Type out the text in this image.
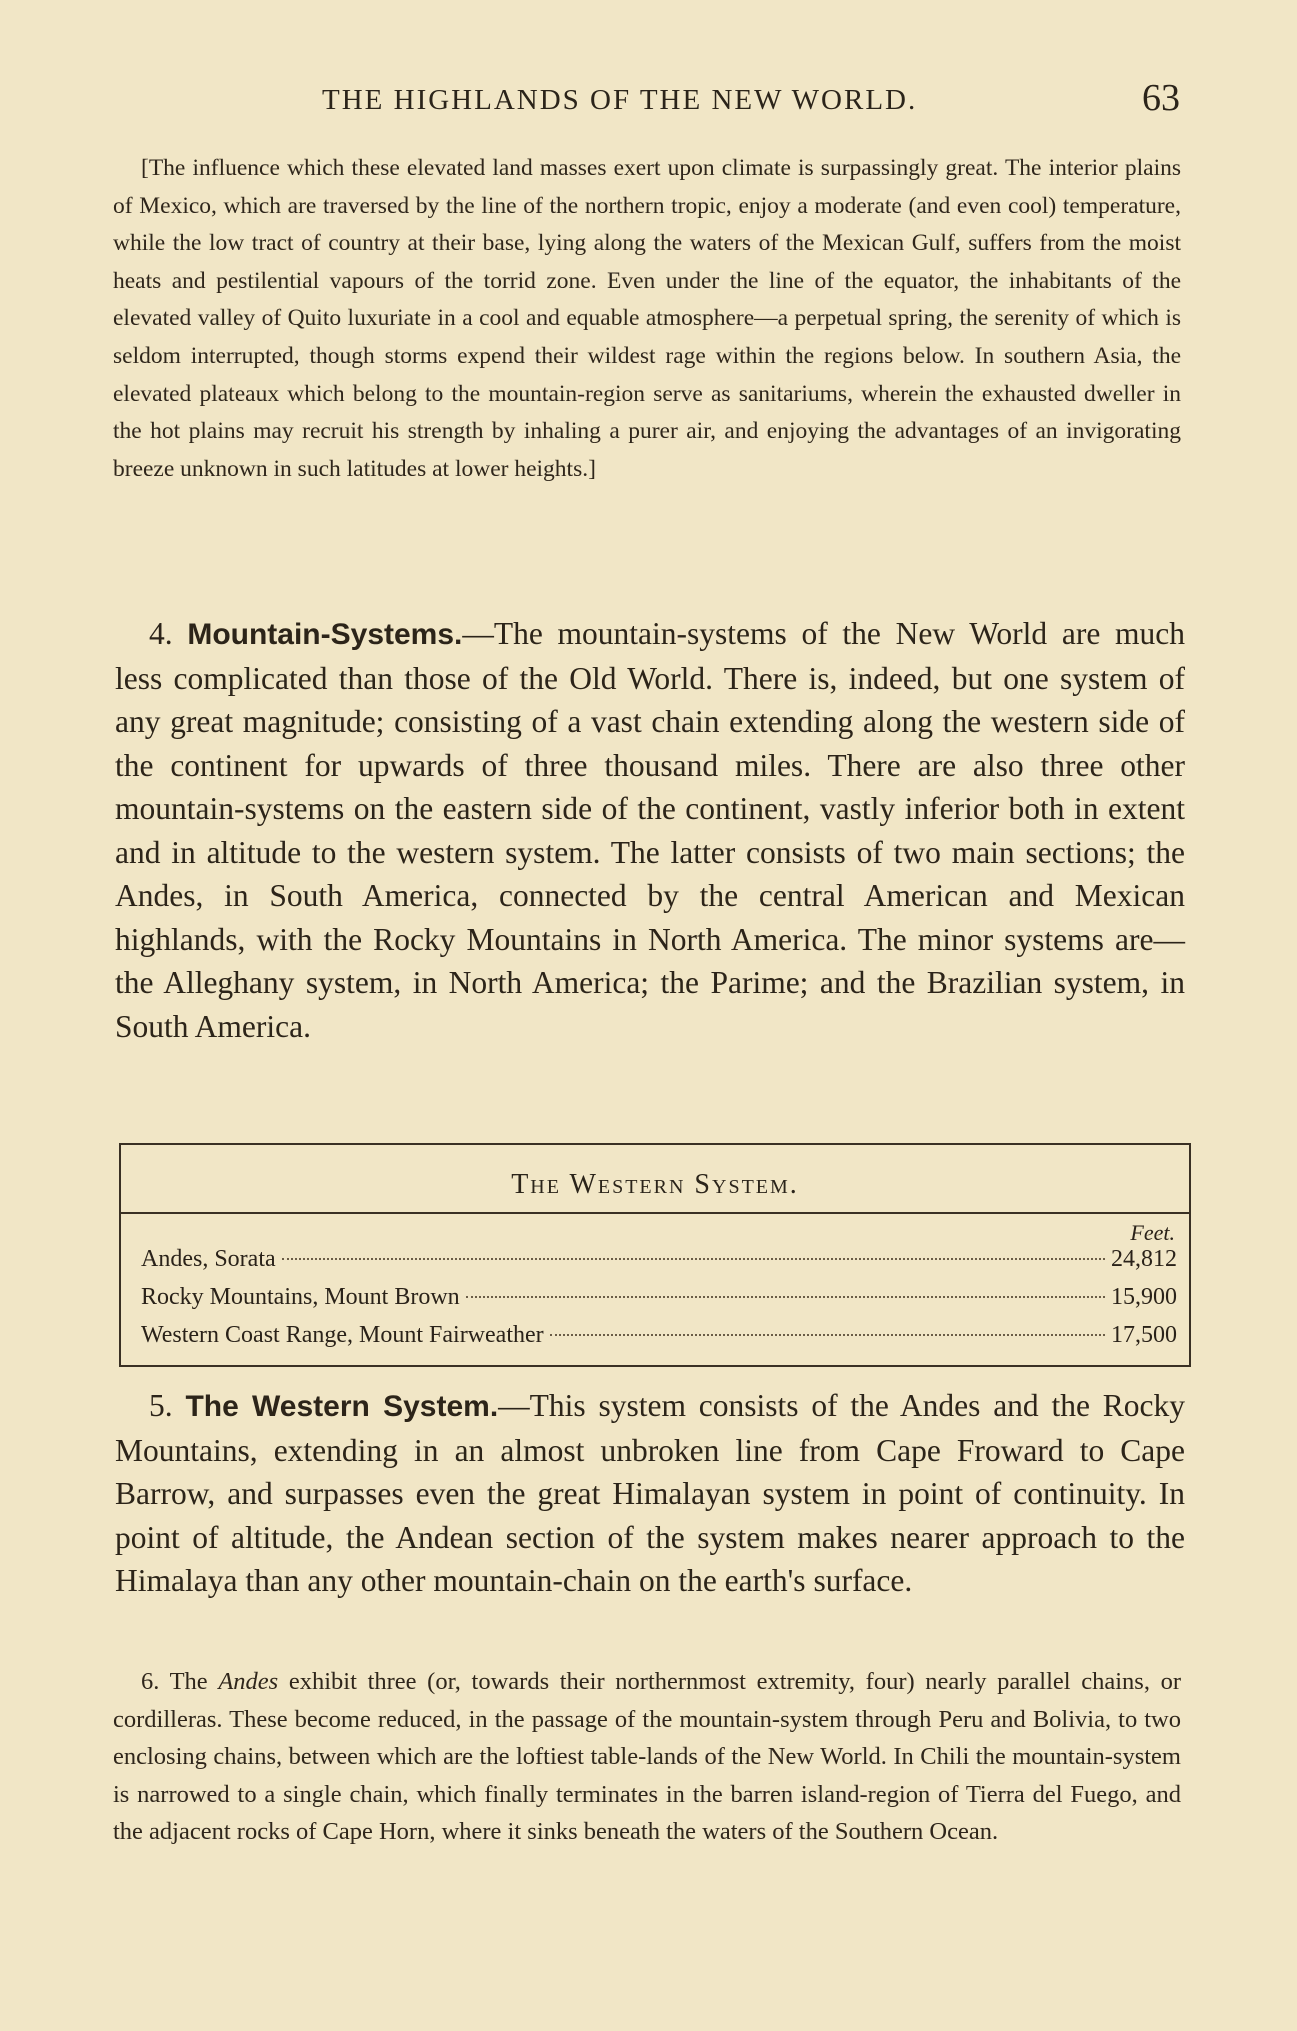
THE HIGHLANDS OF THE NEW WORLD.	63

[The influence which these elevated land masses exert upon climate is surpassingly great. The interior plains of Mexico, which are traversed by the line of the northern tropic, enjoy a moderate (and even cool) temperature, while the low tract of country at their base, lying along the waters of the Mexican Gulf, suffers from the moist heats and pestilential vapours of the torrid zone. Even under the line of the equator, the inhabitants of the elevated valley of Quito luxuriate in a cool and equable atmosphere—a perpetual spring, the serenity of which is seldom interrupted, though storms expend their wildest rage within the regions below. In southern Asia, the elevated plateaux which belong to the mountain-region serve as sanitariums, wherein the exhausted dweller in the hot plains may recruit his strength by inhaling a purer air, and enjoying the advantages of an invigorating breeze unknown in such latitudes at lower heights.]

4. Mountain-Systems.—The mountain-systems of the New World are much less complicated than those of the Old World. There is, indeed, but one system of any great magnitude; consisting of a vast chain extending along the western side of the continent for upwards of three thousand miles. There are also three other mountain-systems on the eastern side of the continent, vastly inferior both in extent and in altitude to the western system. The latter consists of two main sections; the Andes, in South America, connected by the central American and Mexican highlands, with the Rocky Mountains in North America. The minor systems are—the Alleghany system, in North America; the Parime; and the Brazilian system, in South America.

The Western System.
Feet.
Andes, Sorata	24,812
Rocky Mountains, Mount Brown	15,900
Western Coast Range, Mount Fairweather	17,500

5. The Western System.—This system consists of the Andes and the Rocky Mountains, extending in an almost unbroken line from Cape Froward to Cape Barrow, and surpasses even the great Himalayan system in point of continuity. In point of altitude, the Andean section of the system makes nearer approach to the Himalaya than any other mountain-chain on the earth's surface.

6. The Andes exhibit three (or, towards their northernmost extremity, four) nearly parallel chains, or cordilleras. These become reduced, in the passage of the mountain-system through Peru and Bolivia, to two enclosing chains, between which are the loftiest table-lands of the New World. In Chili the mountain-system is narrowed to a single chain, which finally terminates in the barren island-region of Tierra del Fuego, and the adjacent rocks of Cape Horn, where it sinks beneath the waters of the Southern Ocean.
